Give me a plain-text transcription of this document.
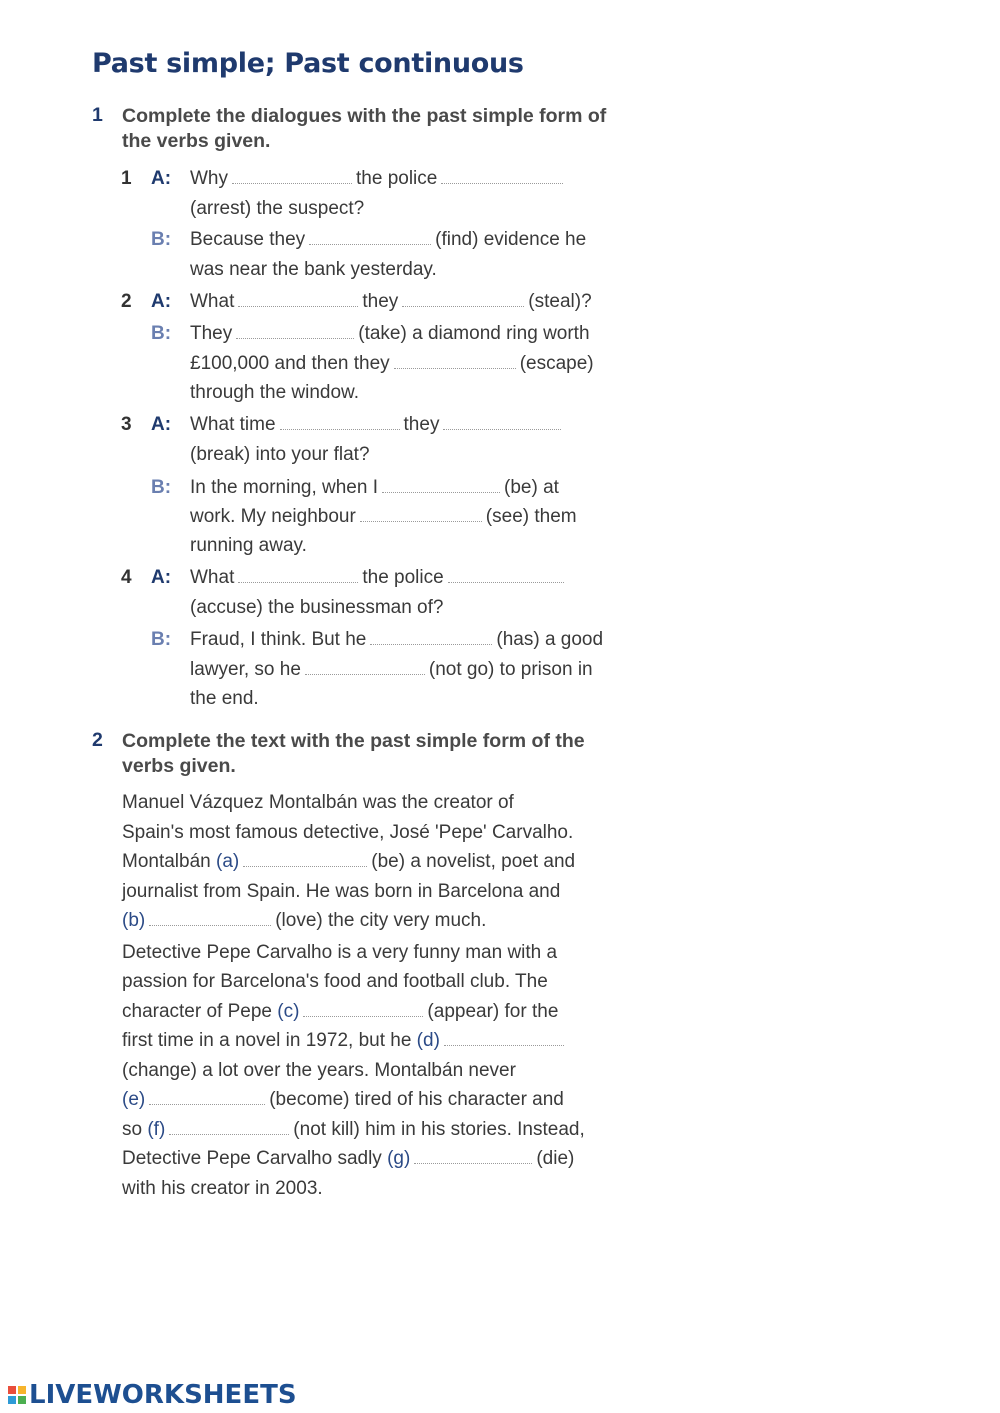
Past simple; Past continuous
1 Complete the dialogues with the past simple form of the verbs given.
1 A: Why	the police
(arrest) the suspect?
B: Because they	(find) evidence he
was near the bank yesterday.
2 A: What	they	(steal)?
B: They	(take) a diamond ring worth
£100,000 and then they	(escape)
through the window.
3 A: What time	they
(break) into your flat?
B: In the morning, when I	(be) at
work. My neighbour	(see) them
running away.
4 A: What	the police
(accuse) the businessman of?
B: Fraud, I think. But he	(has) a good
lawyer, so he	(not go) to prison in
the end.
2 Complete the text with the past simple form of the verbs given.
Manuel Vázquez Montalbán was the creator of
Spain's most famous detective, José 'Pepe' Carvalho.
Montalbán (a)	(be) a novelist, poet and
journalist from Spain. He was born in Barcelona and
(b)	(love) the city very much.
Detective Pepe Carvalho is a very funny man with a
passion for Barcelona's food and football club. The
character of Pepe (c)	(appear) for the
first time in a novel in 1972, but he (d)
(change) a lot over the years. Montalbán never
(e)	(become) tired of his character and
so (f)	(not kill) him in his stories. Instead,
Detective Pepe Carvalho sadly (g)	(die)
with his creator in 2003.
LIVEWORKSHEETS
